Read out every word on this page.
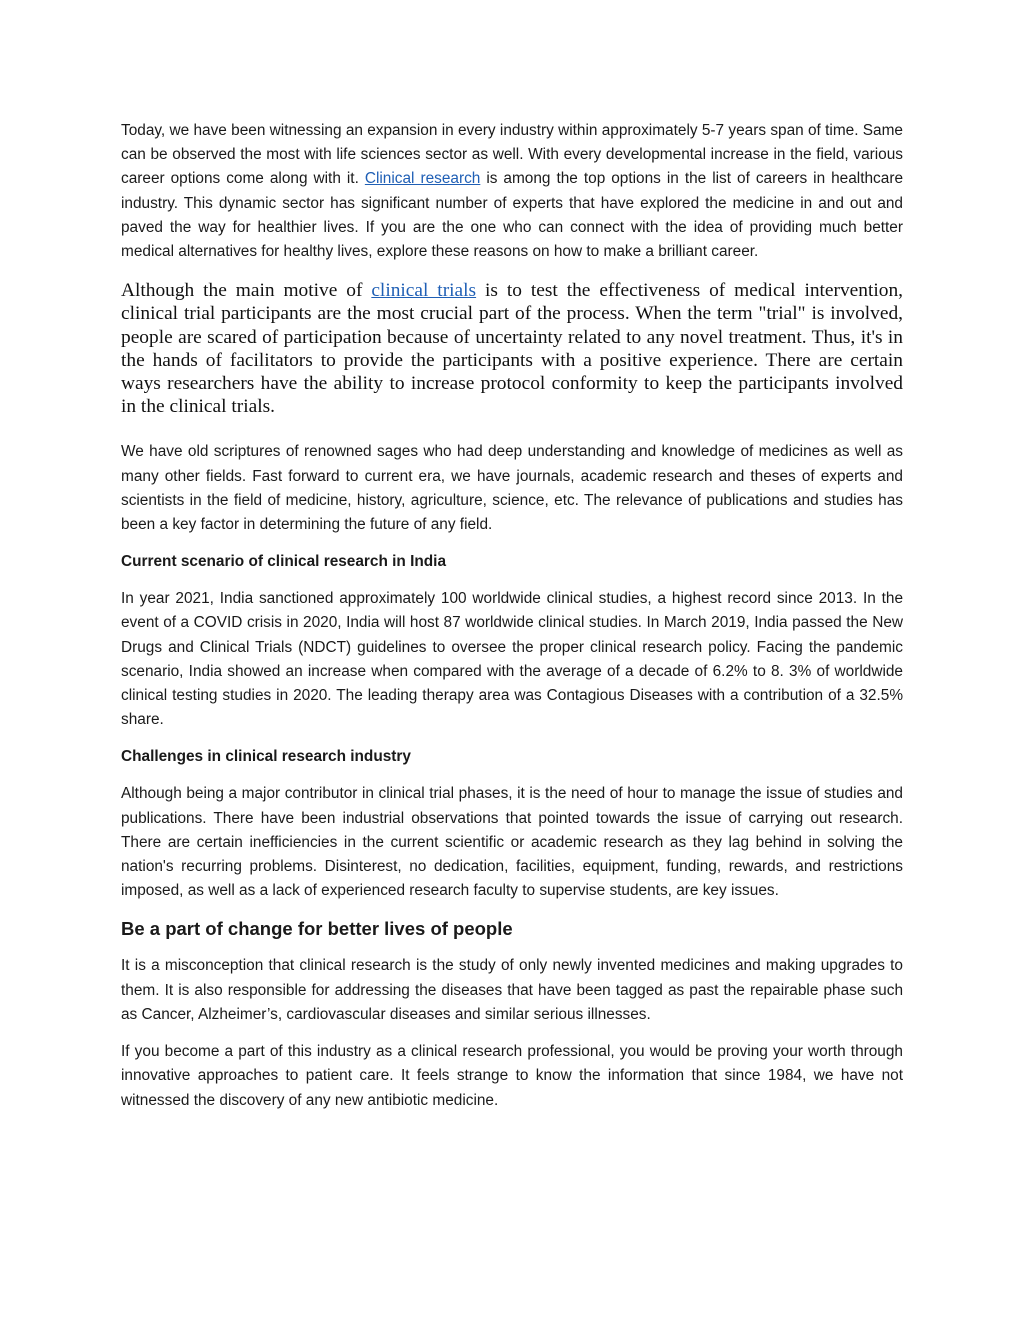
Today, we have been witnessing an expansion in every industry within approximately 5-7 years span of time. Same can be observed the most with life sciences sector as well. With every developmental increase in the field, various career options come along with it. Clinical research is among the top options in the list of careers in healthcare industry. This dynamic sector has significant number of experts that have explored the medicine in and out and paved the way for healthier lives. If you are the one who can connect with the idea of providing much better medical alternatives for healthy lives, explore these reasons on how to make a brilliant career.

Although the main motive of clinical trials is to test the effectiveness of medical intervention, clinical trial participants are the most crucial part of the process. When the term "trial" is involved, people are scared of participation because of uncertainty related to any novel treatment. Thus, it's in the hands of facilitators to provide the participants with a positive experience. There are certain ways researchers have the ability to increase protocol conformity to keep the participants involved in the clinical trials.

We have old scriptures of renowned sages who had deep understanding and knowledge of medicines as well as many other fields. Fast forward to current era, we have journals, academic research and theses of experts and scientists in the field of medicine, history, agriculture, science, etc. The relevance of publications and studies has been a key factor in determining the future of any field.

Current scenario of clinical research in India

In year 2021, India sanctioned approximately 100 worldwide clinical studies, a highest record since 2013. In the event of a COVID crisis in 2020, India will host 87 worldwide clinical studies. In March 2019, India passed the New Drugs and Clinical Trials (NDCT) guidelines to oversee the proper clinical research policy. Facing the pandemic scenario, India showed an increase when compared with the average of a decade of 6.2% to 8. 3% of worldwide clinical testing studies in 2020. The leading therapy area was Contagious Diseases with a contribution of a 32.5% share.

Challenges in clinical research industry

Although being a major contributor in clinical trial phases, it is the need of hour to manage the issue of studies and publications. There have been industrial observations that pointed towards the issue of carrying out research. There are certain inefficiencies in the current scientific or academic research as they lag behind in solving the nation's recurring problems. Disinterest, no dedication, facilities, equipment, funding, rewards, and restrictions imposed, as well as a lack of experienced research faculty to supervise students, are key issues.

Be a part of change for better lives of people

It is a misconception that clinical research is the study of only newly invented medicines and making upgrades to them. It is also responsible for addressing the diseases that have been tagged as past the repairable phase such as Cancer, Alzheimer’s, cardiovascular diseases and similar serious illnesses.

If you become a part of this industry as a clinical research professional, you would be proving your worth through innovative approaches to patient care. It feels strange to know the information that since 1984, we have not witnessed the discovery of any new antibiotic medicine.
